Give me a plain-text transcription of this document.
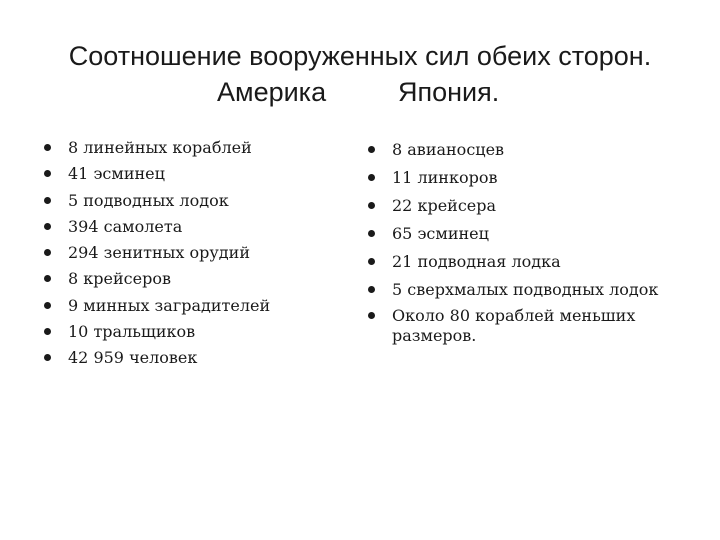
Соотношение вооруженных сил обеих сторон.
Америка	Япония.
8 линейных кораблей
41 эсминец
5 подводных лодок
394 самолета
294 зенитных орудий
8 крейсеров
9 минных заградителей
10 тральщиков
42 959 человек
8 авианосцев
11 линкоров
22 крейсера
65 эсминец
21 подводная лодка
5 сверхмалых подводных лодок
Около 80 кораблей меньших размеров.
